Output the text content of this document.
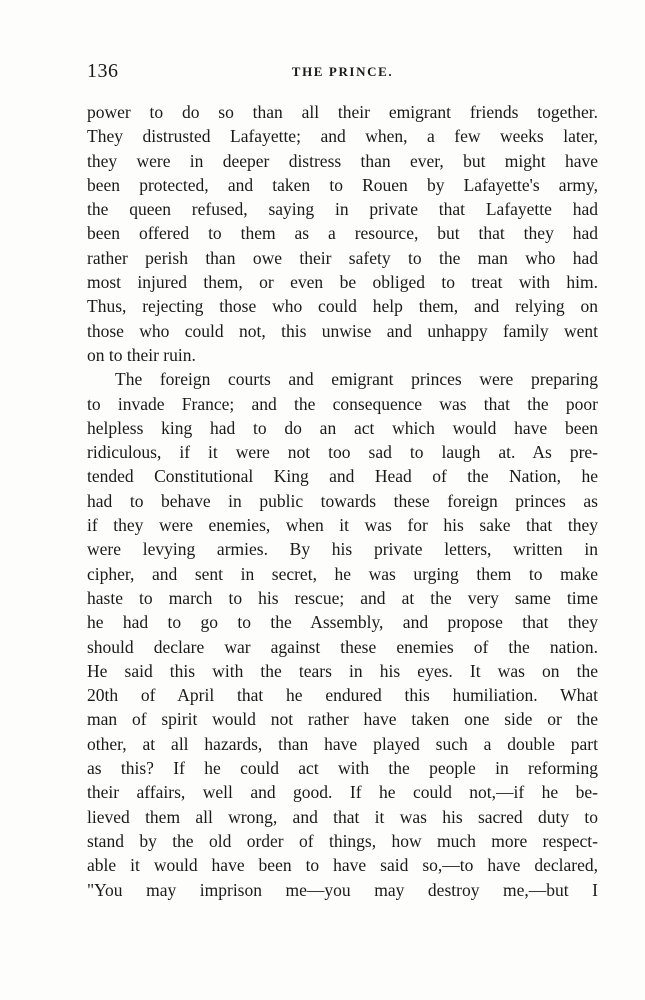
136	THE PRINCE.
power to do so than all their emigrant friends together.
They distrusted Lafayette; and when, a few weeks later,
they were in deeper distress than ever, but might have
been protected, and taken to Rouen by Lafayette's army,
the queen refused, saying in private that Lafayette had
been offered to them as a resource, but that they had
rather perish than owe their safety to the man who had
most injured them, or even be obliged to treat with him.
Thus, rejecting those who could help them, and relying on
those who could not, this unwise and unhappy family went
on to their ruin.
The foreign courts and emigrant princes were preparing
to invade France; and the consequence was that the poor
helpless king had to do an act which would have been
ridiculous, if it were not too sad to laugh at. As pre-
tended Constitutional King and Head of the Nation, he
had to behave in public towards these foreign princes as
if they were enemies, when it was for his sake that they
were levying armies. By his private letters, written in
cipher, and sent in secret, he was urging them to make
haste to march to his rescue; and at the very same time
he had to go to the Assembly, and propose that they
should declare war against these enemies of the nation.
He said this with the tears in his eyes. It was on the
20th of April that he endured this humiliation. What
man of spirit would not rather have taken one side or the
other, at all hazards, than have played such a double part
as this? If he could act with the people in reforming
their affairs, well and good. If he could not,—if he be-
lieved them all wrong, and that it was his sacred duty to
stand by the old order of things, how much more respect-
able it would have been to have said so,—to have declared,
"You may imprison me—you may destroy me,—but I
